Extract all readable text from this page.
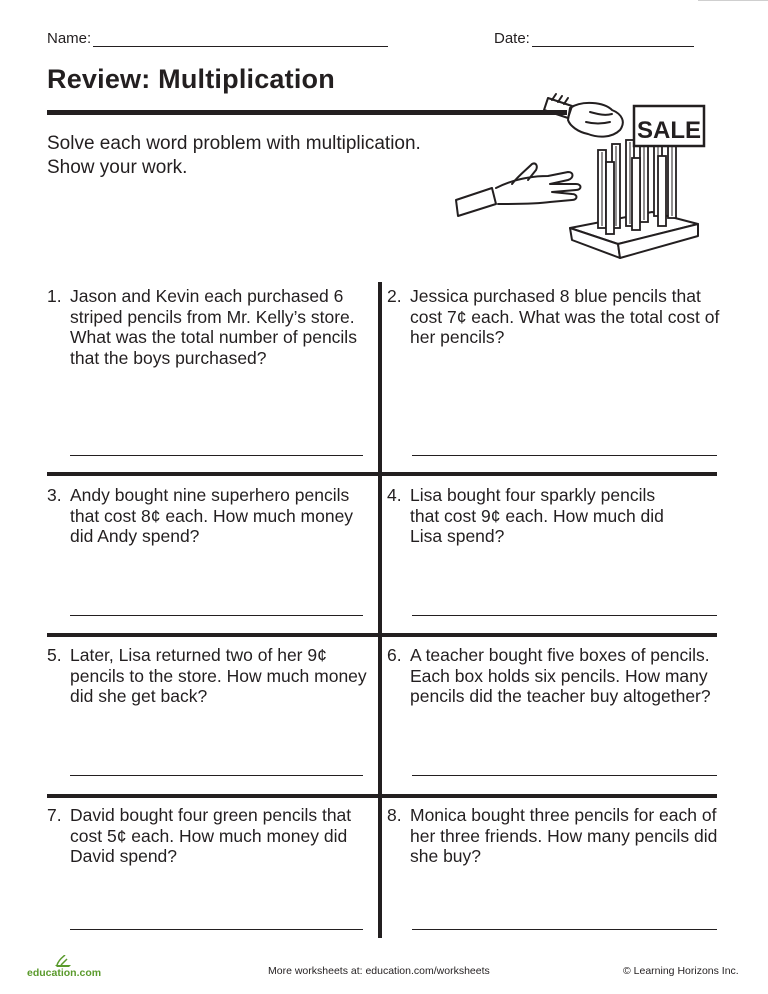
Name:	Date:
Review: Multiplication
Solve each word problem with multiplication.
Show your work.
SALE
1. Jason and Kevin each purchased 6
striped pencils from Mr. Kelly’s store.
What was the total number of pencils
that the boys purchased?
2. Jessica purchased 8 blue pencils that
cost 7¢ each. What was the total cost of
her pencils?
3. Andy bought nine superhero pencils
that cost 8¢ each. How much money
did Andy spend?
4. Lisa bought four sparkly pencils
that cost 9¢ each. How much did
Lisa spend?
5. Later, Lisa returned two of her 9¢
pencils to the store. How much money
did she get back?
6. A teacher bought five boxes of pencils.
Each box holds six pencils. How many
pencils did the teacher buy altogether?
7. David bought four green pencils that
cost 5¢ each. How much money did
David spend?
8. Monica bought three pencils for each of
her three friends. How many pencils did
she buy?
education.com	More worksheets at: education.com/worksheets	© Learning Horizons Inc.
